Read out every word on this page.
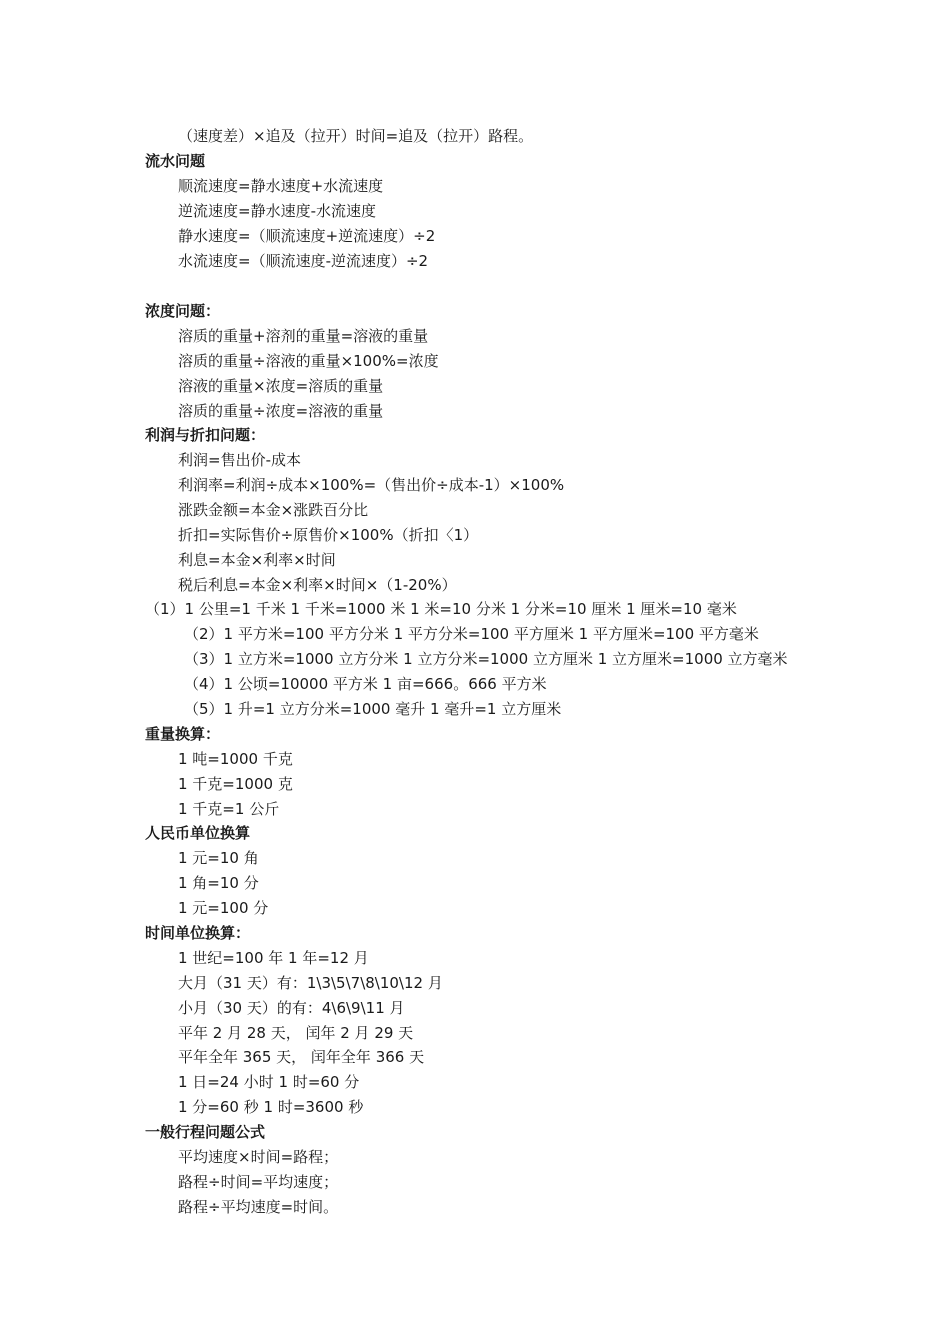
（速度差）×追及（拉开）时间=追及（拉开）路程。
流水问题
顺流速度=静水速度+水流速度
逆流速度=静水速度-水流速度
静水速度=（顺流速度+逆流速度）÷2
水流速度=（顺流速度-逆流速度）÷2
浓度问题：
溶质的重量+溶剂的重量=溶液的重量
溶质的重量÷溶液的重量×100%=浓度
溶液的重量×浓度=溶质的重量
溶质的重量÷浓度=溶液的重量
利润与折扣问题：
利润=售出价-成本
利润率=利润÷成本×100%=（售出价÷成本-1）×100%
涨跌金额=本金×涨跌百分比
折扣=实际售价÷原售价×100%（折扣〈1）
利息=本金×利率×时间
税后利息=本金×利率×时间×（1-20%）
（1）1 公里=1 千米 1 千米=1000 米 1 米=10 分米 1 分米=10 厘米 1 厘米=10 毫米
（2）1 平方米=100 平方分米 1 平方分米=100 平方厘米 1 平方厘米=100 平方毫米
（3）1 立方米=1000 立方分米 1 立方分米=1000 立方厘米 1 立方厘米=1000 立方毫米
（4）1 公顷=10000 平方米 1 亩=666。666 平方米
（5）1 升=1 立方分米=1000 毫升 1 毫升=1 立方厘米
重量换算：
1 吨=1000 千克
1 千克=1000 克
1 千克=1 公斤
人民币单位换算
1 元=10 角
1 角=10 分
1 元=100 分
时间单位换算：
1 世纪=100 年 1 年=12 月
大月（31 天）有：1\3\5\7\8\10\12 月
小月（30 天）的有：4\6\9\11 月
平年 2 月 28 天， 闰年 2 月 29 天
平年全年 365 天， 闰年全年 366 天
1 日=24 小时 1 时=60 分
1 分=60 秒 1 时=3600 秒
一般行程问题公式
平均速度×时间=路程；
路程÷时间=平均速度；
路程÷平均速度=时间。
